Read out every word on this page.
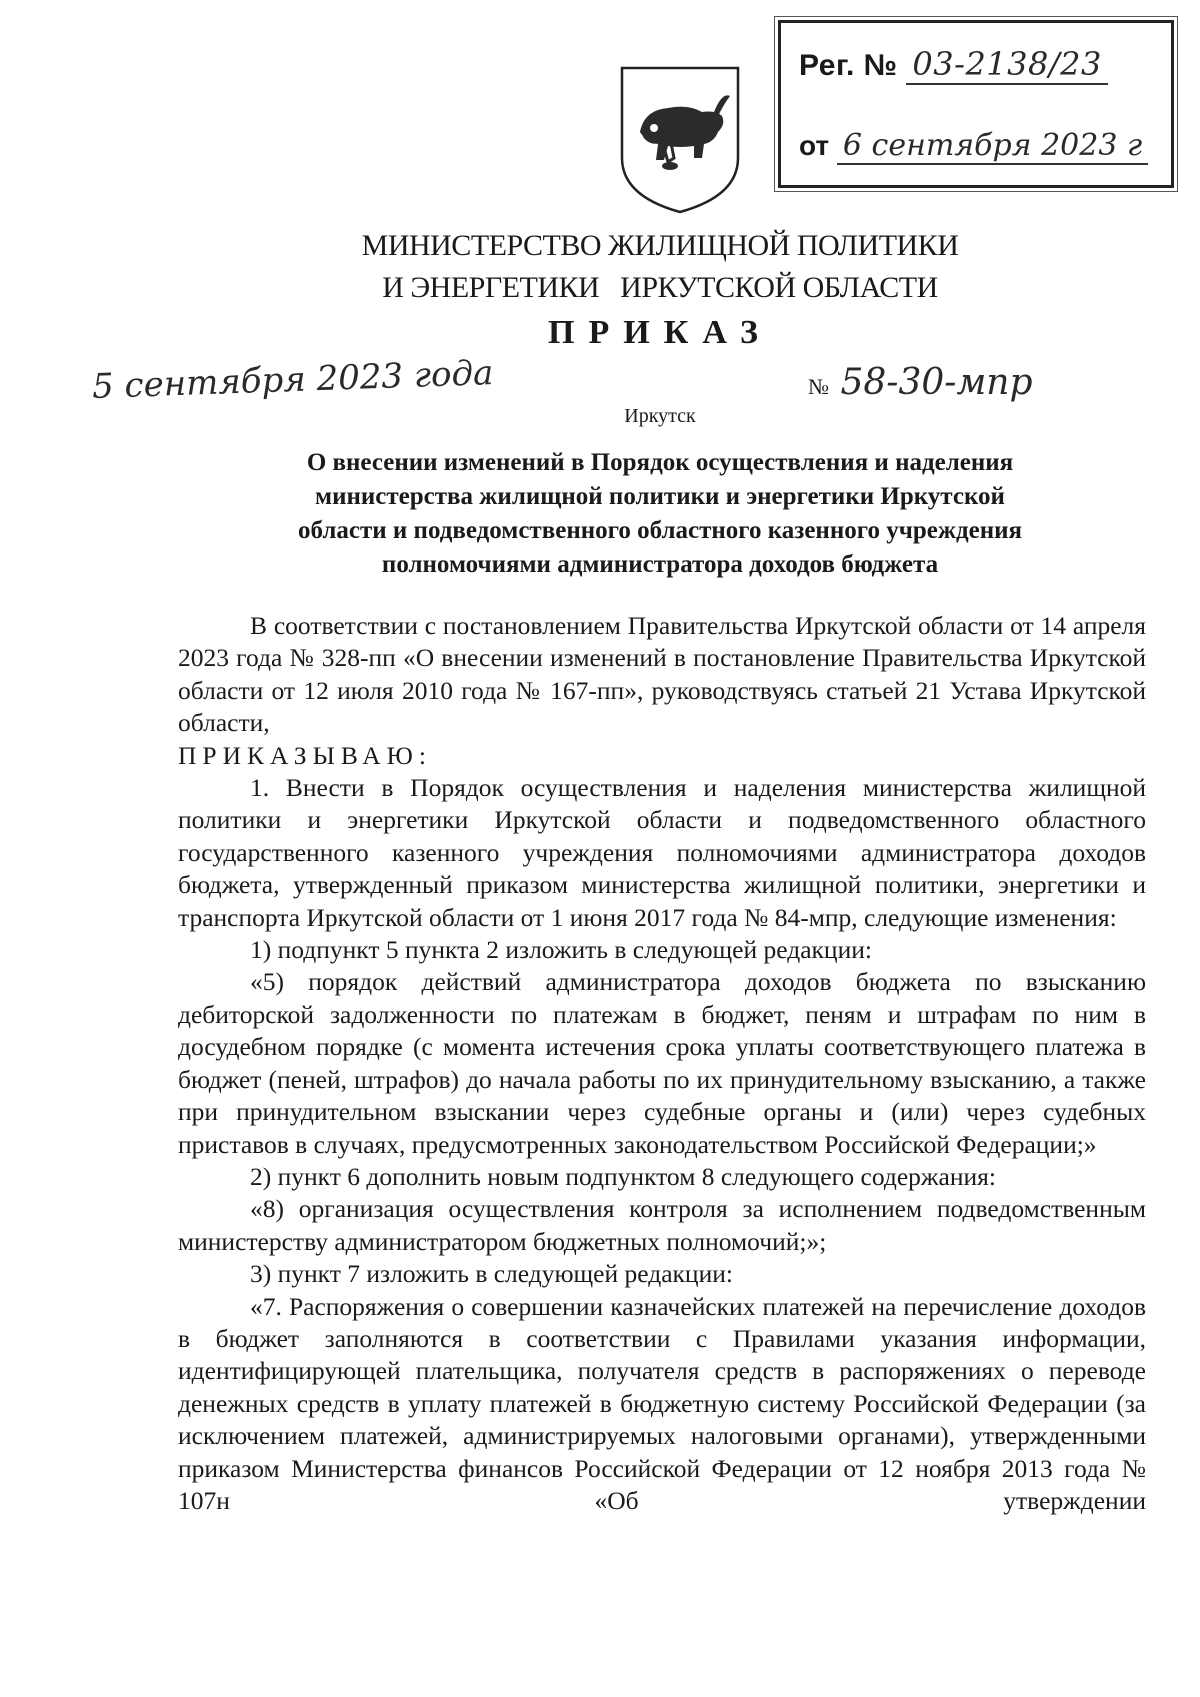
Рег. № 03-2138/23
от 6 сентября 2023 г
МИНИСТЕРСТВО ЖИЛИЩНОЙ ПОЛИТИКИ
И ЭНЕРГЕТИКИ   ИРКУТСКОЙ ОБЛАСТИ
ПРИКАЗ
5 сентября 2023 года	№ 58-30-мпр
Иркутск
О внесении изменений в Порядок осуществления и наделения
министерства жилищной политики и энергетики Иркутской
области и подведомственного областного казенного учреждения
полномочиями администратора доходов бюджета

В соответствии с постановлением Правительства Иркутской области от 14 апреля 2023 года № 328-пп «О внесении изменений в постановление Правительства Иркутской области от 12 июля 2010 года № 167-пп», руководствуясь статьей 21 Устава Иркутской области,

ПРИКАЗЫВАЮ:

1. Внести в Порядок осуществления и наделения министерства жилищной политики и энергетики Иркутской области и подведомственного областного государственного казенного учреждения полномочиями администратора доходов бюджета, утвержденный приказом министерства жилищной политики, энергетики и транспорта Иркутской области от 1 июня 2017 года № 84-мпр, следующие изменения:

1) подпункт 5 пункта 2 изложить в следующей редакции:

«5) порядок действий администратора доходов бюджета по взысканию дебиторской задолженности по платежам в бюджет, пеням и штрафам по ним в досудебном порядке (с момента истечения срока уплаты соответствующего платежа в бюджет (пеней, штрафов) до начала работы по их принудительному взысканию, а также при принудительном взыскании через судебные органы и (или) через судебных приставов в случаях, предусмотренных законодательством Российской Федерации;»

2) пункт 6 дополнить новым подпунктом 8 следующего содержания:

«8) организация осуществления контроля за исполнением подведомственным министерству администратором бюджетных полномочий;»;

3) пункт 7 изложить в следующей редакции:

«7. Распоряжения о совершении казначейских платежей на перечисление доходов в бюджет заполняются в соответствии с Правилами указания информации, идентифицирующей плательщика, получателя средств в распоряжениях о переводе денежных средств в уплату платежей в бюджетную систему Российской Федерации (за исключением платежей, администрируемых налоговыми органами), утвержденными приказом Министерства финансов Российской Федерации от 12 ноября 2013 года № 107н «Об утверждении
